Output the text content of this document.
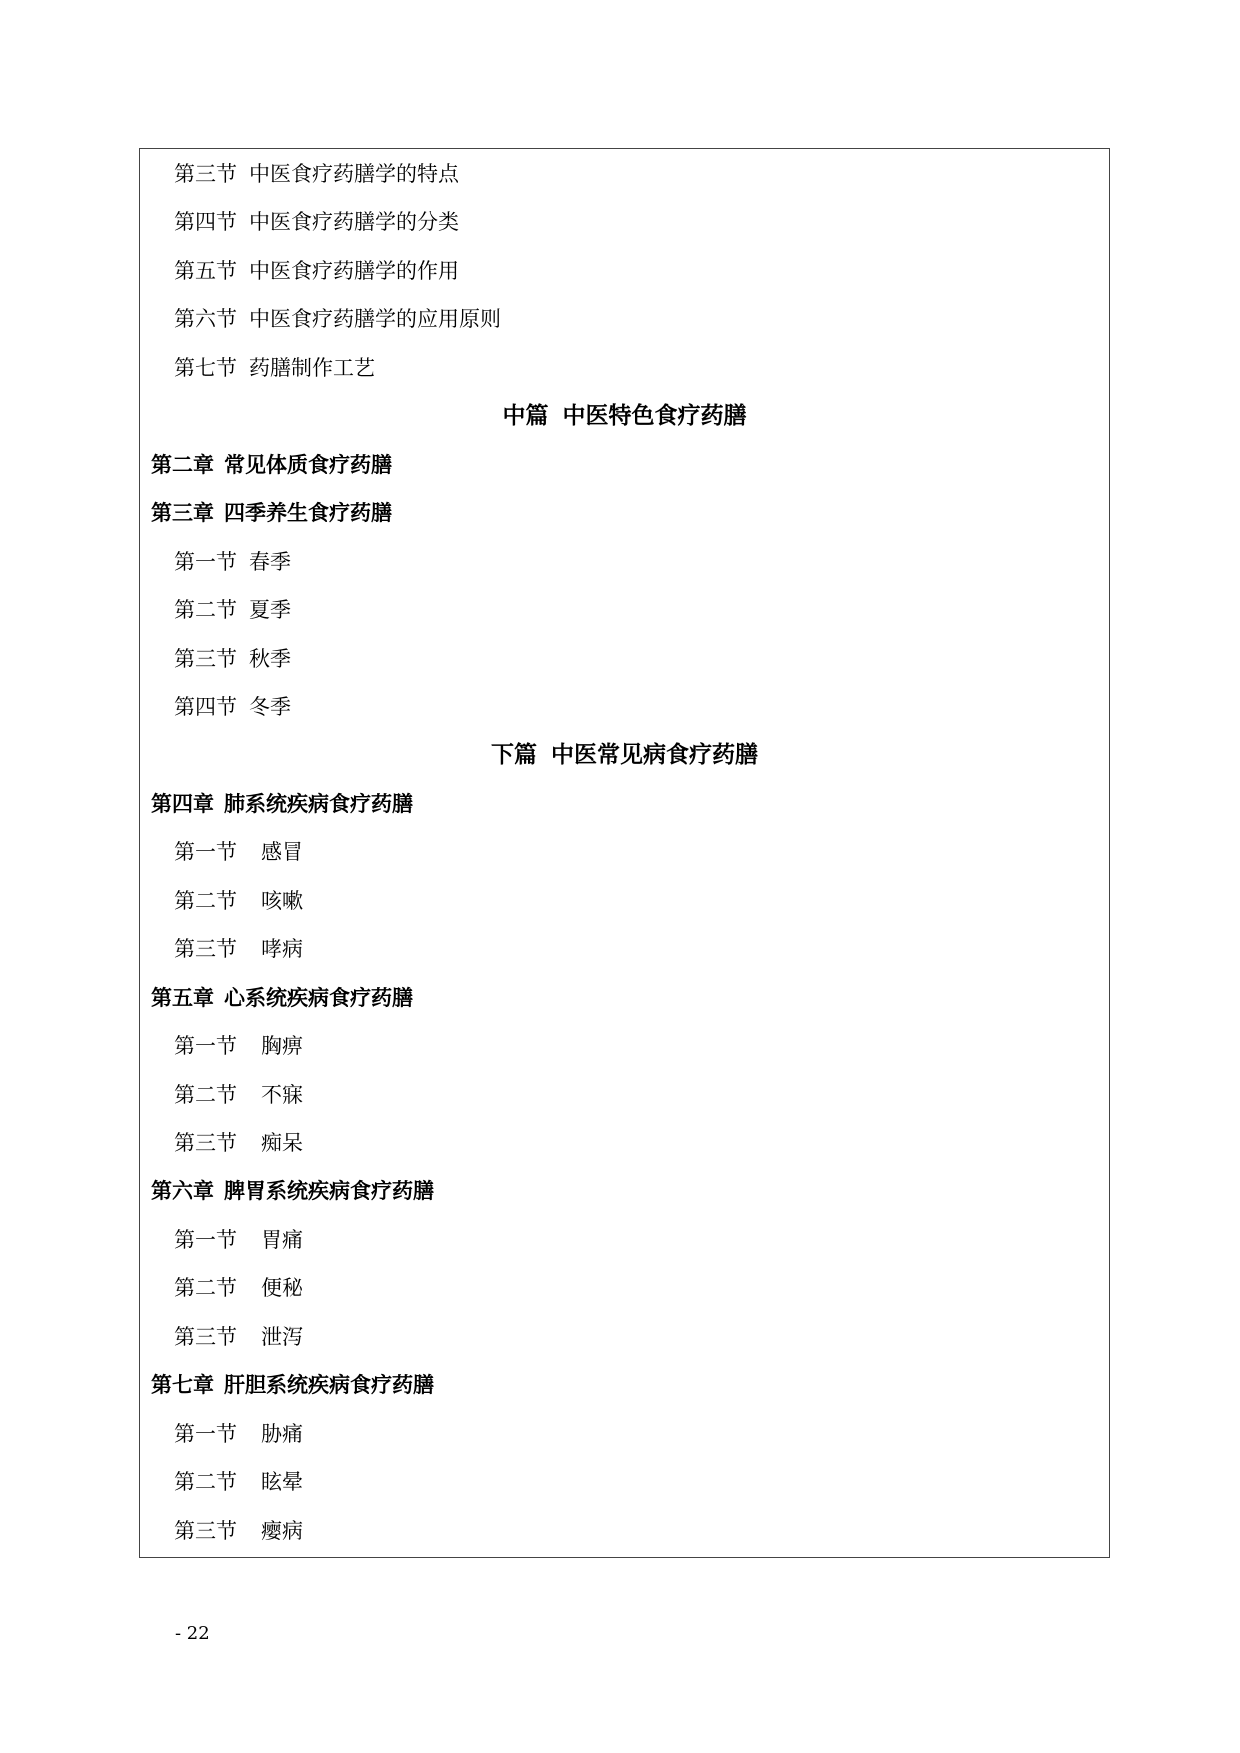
第三节 中医食疗药膳学的特点
第四节 中医食疗药膳学的分类
第五节 中医食疗药膳学的作用
第六节 中医食疗药膳学的应用原则
第七节 药膳制作工艺
中篇 中医特色食疗药膳
第二章 常见体质食疗药膳
第三章 四季养生食疗药膳
第一节 春季
第二节 夏季
第三节 秋季
第四节 冬季
下篇 中医常见病食疗药膳
第四章 肺系统疾病食疗药膳
第一节 感冒
第二节 咳嗽
第三节 哮病
第五章 心系统疾病食疗药膳
第一节 胸痹
第二节 不寐
第三节 痴呆
第六章 脾胃系统疾病食疗药膳
第一节 胃痛
第二节 便秘
第三节 泄泻
第七章 肝胆系统疾病食疗药膳
第一节 胁痛
第二节 眩晕
第三节 瘿病
- 22
